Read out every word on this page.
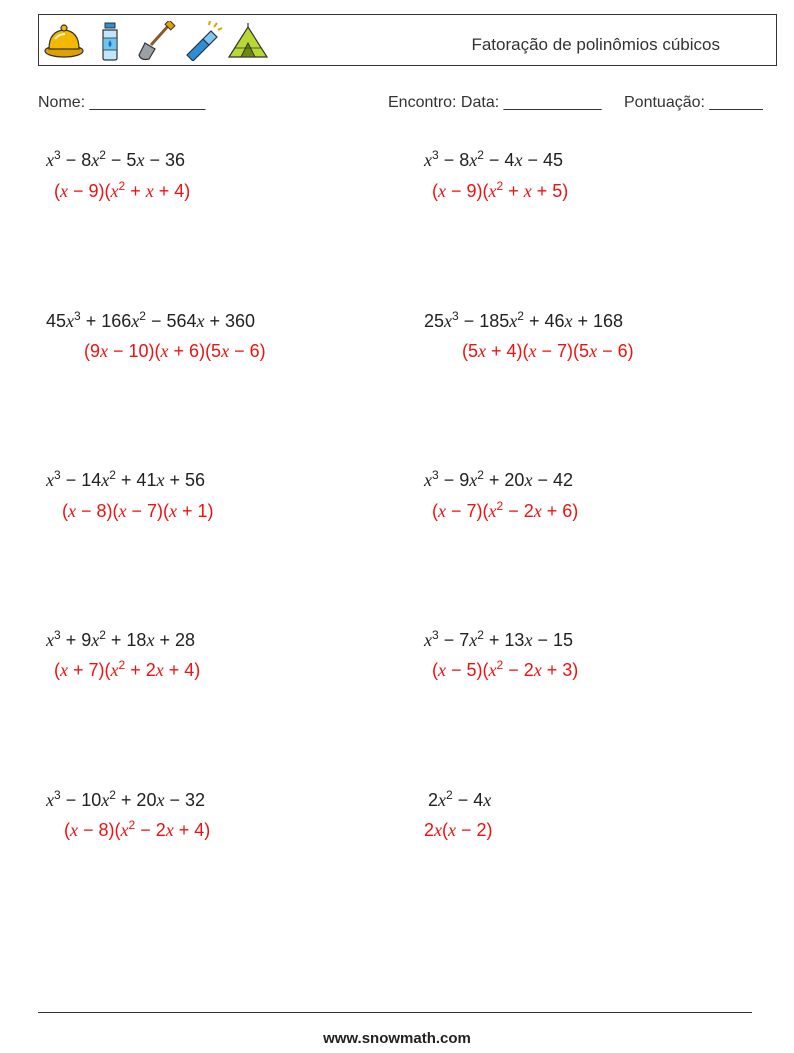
Fatoração de polinômios cúbicos
Nome: _____________	Encontro: Data: ___________ Pontuação: ______
$x^3 - 8x^2 - 5x - 36$
$(x - 9)(x^2 + x + 4)$
$x^3 - 8x^2 - 4x - 45$
$(x - 9)(x^2 + x + 5)$
$45x^3 + 166x^2 - 564x + 360$
(9x − 10)(x + 6)(5x − 6)
$25x^3 - 185x^2 + 46x + 168$
(5x + 4)(x − 7)(5x − 6)
$x^3 - 14x^2 + 41x + 56$
(x − 8)(x − 7)(x + 1)
$x^3 - 9x^2 + 20x - 42$
$(x - 7)(x^2 - 2x + 6)$
$x^3 + 9x^2 + 18x + 28$
$(x + 7)(x^2 + 2x + 4)$
$x^3 - 7x^2 + 13x - 15$
$(x - 5)(x^2 - 2x + 3)$
$x^3 - 10x^2 + 20x - 32$
$(x - 8)(x^2 - 2x + 4)$
$2x^2 - 4x$
2x(x − 2)
www.snowmath.com
